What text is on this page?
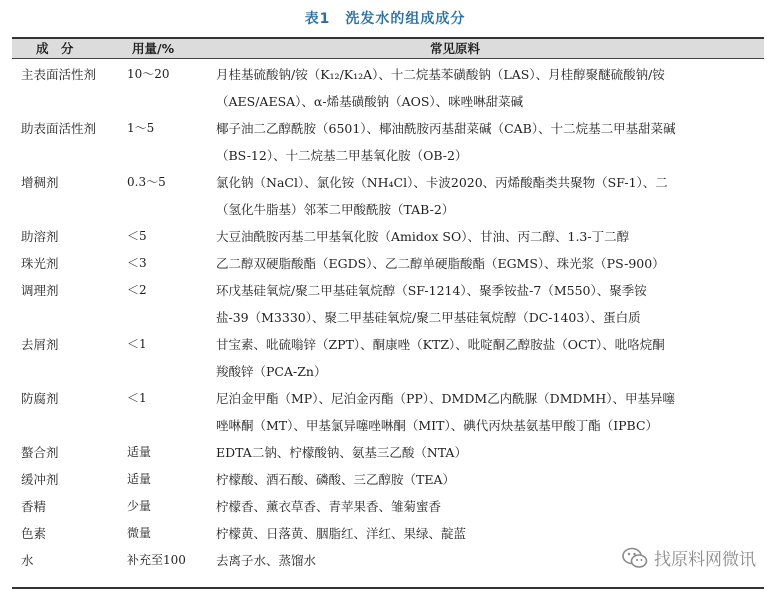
表1　洗发水的组成成分
成 分	用量/%	常见原料
主表面活性剂	10～20	月桂基硫酸钠/铵（K₁₂/K₁₂A）、十二烷基苯磺酸钠（LAS）、月桂醇聚醚硫酸钠/铵
（AES/AESA）、α-烯基磺酸钠（AOS）、咪唑啉甜菜碱
助表面活性剂	1～5	椰子油二乙醇酰胺（6501）、椰油酰胺丙基甜菜碱（CAB）、十二烷基二甲基甜菜碱
（BS-12）、十二烷基二甲基氧化胺（OB-2）
增稠剂	0.3～5	氯化钠（NaCl）、氯化铵（NH₄Cl）、卡波2020、丙烯酸酯类共聚物（SF-1）、二
（氢化牛脂基）邻苯二甲酸酰胺（TAB-2）
助溶剂	＜5	大豆油酰胺丙基二甲基氧化胺（Amidox SO）、甘油、丙二醇、1.3-丁二醇
珠光剂	＜3	乙二醇双硬脂酸酯（EGDS）、乙二醇单硬脂酸酯（EGMS）、珠光浆（PS-900）
调理剂	＜2	环戊基硅氧烷/聚二甲基硅氧烷醇（SF-1214）、聚季铵盐-7（M550）、聚季铵
盐-39（M3330）、聚二甲基硅氧烷/聚二甲基硅氧烷醇（DC-1403）、蛋白质
去屑剂	＜1	甘宝素、吡硫嗡锌（ZPT）、酮康唑（KTZ）、吡啶酮乙醇胺盐（OCT）、吡咯烷酮
羧酸锌（PCA-Zn）
防腐剂	＜1	尼泊金甲酯（MP）、尼泊金丙酯（PP）、DMDM乙内酰脲（DMDMH）、甲基异噻
唑啉酮（MT）、甲基氯异噻唑啉酮（MIT）、碘代丙炔基氨基甲酸丁酯（IPBC）
螯合剂	适量	EDTA二钠、柠檬酸钠、氨基三乙酸（NTA）
缓冲剂	适量	柠檬酸、酒石酸、磷酸、三乙醇胺（TEA）
香精	少量	柠檬香、薰衣草香、青苹果香、雏菊蜜香
色素	微量	柠檬黄、日落黄、胭脂红、洋红、果绿、靛蓝
水	补充至100	去离子水、蒸馏水	找原料网微讯
